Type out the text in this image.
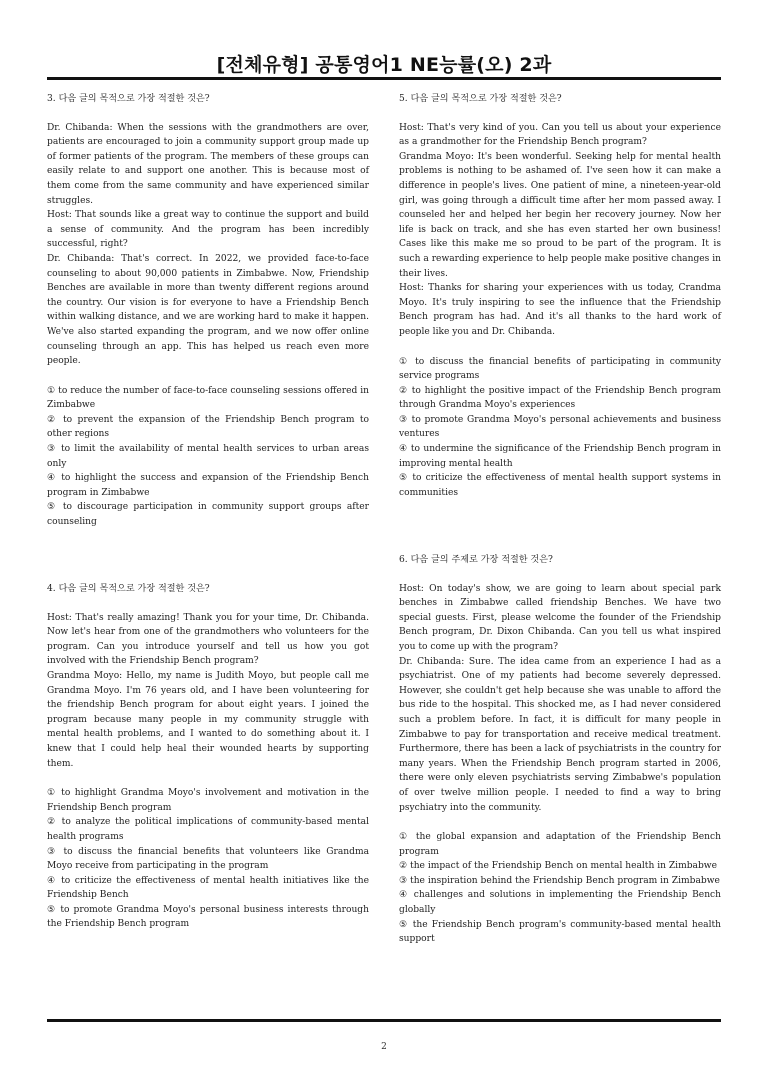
[전체유형] 공통영어1 NE능률(오) 2과
3. 다음 글의 목적으로 가장 적절한 것은?

Dr. Chibanda: When the sessions with the grandmothers are over, patients are encouraged to join a community support group made up of former patients of the program. The members of these groups can easily relate to and support one another. This is because most of them come from the same community and have experienced similar struggles.

Host: That sounds like a great way to continue the support and build a sense of community. And the program has been incredibly successful, right?

Dr. Chibanda: That's correct. In 2022, we provided face-to-face counseling to about 90,000 patients in Zimbabwe. Now, Friendship Benches are available in more than twenty different regions around the country. Our vision is for everyone to have a Friendship Bench within walking distance, and we are working hard to make it happen. We've also started expanding the program, and we now offer online counseling through an app. This has helped us reach even more people.

① to reduce the number of face-to-face counseling sessions offered in Zimbabwe
② to prevent the expansion of the Friendship Bench program to other regions
③ to limit the availability of mental health services to urban areas only
④ to highlight the success and expansion of the Friendship Bench program in Zimbabwe
⑤ to discourage participation in community support groups after counseling
4. 다음 글의 목적으로 가장 적절한 것은?

Host: That's really amazing! Thank you for your time, Dr. Chibanda. Now let's hear from one of the grandmothers who volunteers for the program. Can you introduce yourself and tell us how you got involved with the Friendship Bench program?

Grandma Moyo: Hello, my name is Judith Moyo, but people call me Grandma Moyo. I'm 76 years old, and I have been volunteering for the friendship Bench program for about eight years. I joined the program because many people in my community struggle with mental health problems, and I wanted to do something about it. I knew that I could help heal their wounded hearts by supporting them.

① to highlight Grandma Moyo's involvement and motivation in the Friendship Bench program
② to analyze the political implications of community-based mental health programs
③ to discuss the financial benefits that volunteers like Grandma Moyo receive from participating in the program
④ to criticize the effectiveness of mental health initiatives like the Friendship Bench
⑤ to promote Grandma Moyo's personal business interests through the Friendship Bench program
5. 다음 글의 목적으로 가장 적절한 것은?

Host: That's very kind of you. Can you tell us about your experience as a grandmother for the Friendship Bench program?

Grandma Moyo: It's been wonderful. Seeking help for mental health problems is nothing to be ashamed of. I've seen how it can make a difference in people's lives. One patient of mine, a nineteen-year-old girl, was going through a difficult time after her mom passed away. I counseled her and helped her begin her recovery journey. Now her life is back on track, and she has even started her own business! Cases like this make me so proud to be part of the program. It is such a rewarding experience to help people make positive changes in their lives.

Host: Thanks for sharing your experiences with us today, Crandma Moyo. It's truly inspiring to see the influence that the Friendship Bench program has had. And it's all thanks to the hard work of people like you and Dr. Chibanda.

① to discuss the financial benefits of participating in community service programs
② to highlight the positive impact of the Friendship Bench program through Grandma Moyo's experiences
③ to promote Grandma Moyo's personal achievements and business ventures
④ to undermine the significance of the Friendship Bench program in improving mental health
⑤ to criticize the effectiveness of mental health support systems in communities
6. 다음 글의 주제로 가장 적절한 것은?

Host: On today's show, we are going to learn about special park benches in Zimbabwe called friendship Benches. We have two special guests. First, please welcome the founder of the Friendship Bench program, Dr. Dixon Chibanda. Can you tell us what inspired you to come up with the program?

Dr. Chibanda: Sure. The idea came from an experience I had as a psychiatrist. One of my patients had become severely depressed. However, she couldn't get help because she was unable to afford the bus ride to the hospital. This shocked me, as I had never considered such a problem before. In fact, it is difficult for many people in Zimbabwe to pay for transportation and receive medical treatment. Furthermore, there has been a lack of psychiatrists in the country for many years. When the Friendship Bench program started in 2006, there were only eleven psychiatrists serving Zimbabwe's population of over twelve million people. I needed to find a way to bring psychiatry into the community.

① the global expansion and adaptation of the Friendship Bench program
② the impact of the Friendship Bench on mental health in Zimbabwe
③ the inspiration behind the Friendship Bench program in Zimbabwe
④ challenges and solutions in implementing the Friendship Bench globally
⑤ the Friendship Bench program's community-based mental health support
2
